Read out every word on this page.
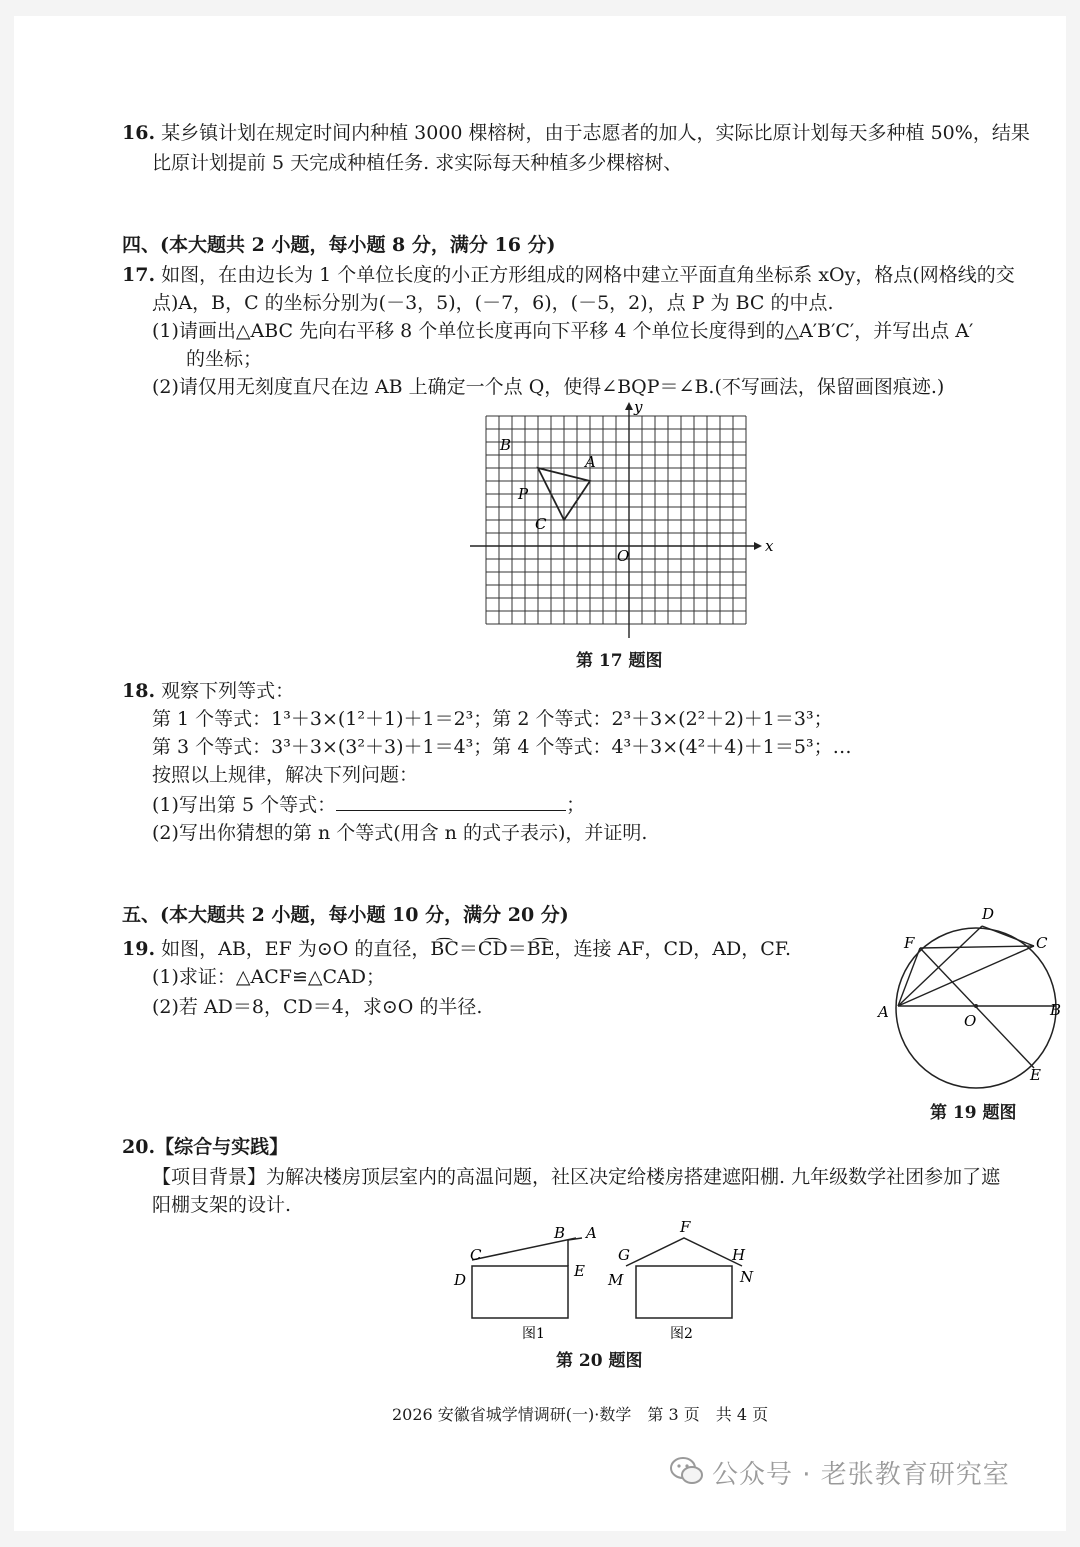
16. 某乡镇计划在规定时间内种植 3000 棵榕树，由于志愿者的加人，实际比原计划每天多种植 50%，结果
比原计划提前 5 天完成种植任务. 求实际每天种植多少棵榕树、
四、(本大题共 2 小题，每小题 8 分，满分 16 分)
17. 如图，在由边长为 1 个单位长度的小正方形组成的网格中建立平面直角坐标系 xOy，格点(网格线的交
点)A，B，C 的坐标分别为(－3，5)，(－7，6)，(－5，2)，点 P 为 BC 的中点.
(1)请画出△ABC 先向右平移 8 个单位长度再向下平移 4 个单位长度得到的△A′B′C′，并写出点 A′
的坐标；
(2)请仅用无刻度直尺在边 AB 上确定一个点 Q，使得∠BQP＝∠B.(不写画法，保留画图痕迹.)
x
y
O
A
B
C
P
第 17 题图
18. 观察下列等式：
第 1 个等式：1³＋3×(1²＋1)＋1＝2³；第 2 个等式：2³＋3×(2²＋2)＋1＝3³；
第 3 个等式：3³＋3×(3²＋3)＋1＝4³；第 4 个等式：4³＋3×(4²＋4)＋1＝5³；…
按照以上规律，解决下列问题：
(1)写出第 5 个等式：	；
(2)写出你猜想的第 n 个等式(用含 n 的式子表示)，并证明.
五、(本大题共 2 小题，每小题 10 分，满分 20 分)
19. 如图，AB，EF 为⊙O 的直径，B͡C＝C͡D＝B͡E，连接 AF，CD，AD，CF.
(1)求证：△ACF≌△CAD；
(2)若 AD＝8，CD＝4，求⊙O 的半径.	A	B
C
D
E
F
O
第 19 题图
20.【综合与实践】
【项目背景】为解决楼房顶层室内的高温问题，社区决定给楼房搭建遮阳棚. 九年级数学社团参加了遮
阳棚支架的设计.
C
D	E
B A
图1
G
M
F
H
N
图2
第 20 题图
2026 安徽省城学情调研(一)·数学　第 3 页　共 4 页
公众号 · 老张教育研究室
